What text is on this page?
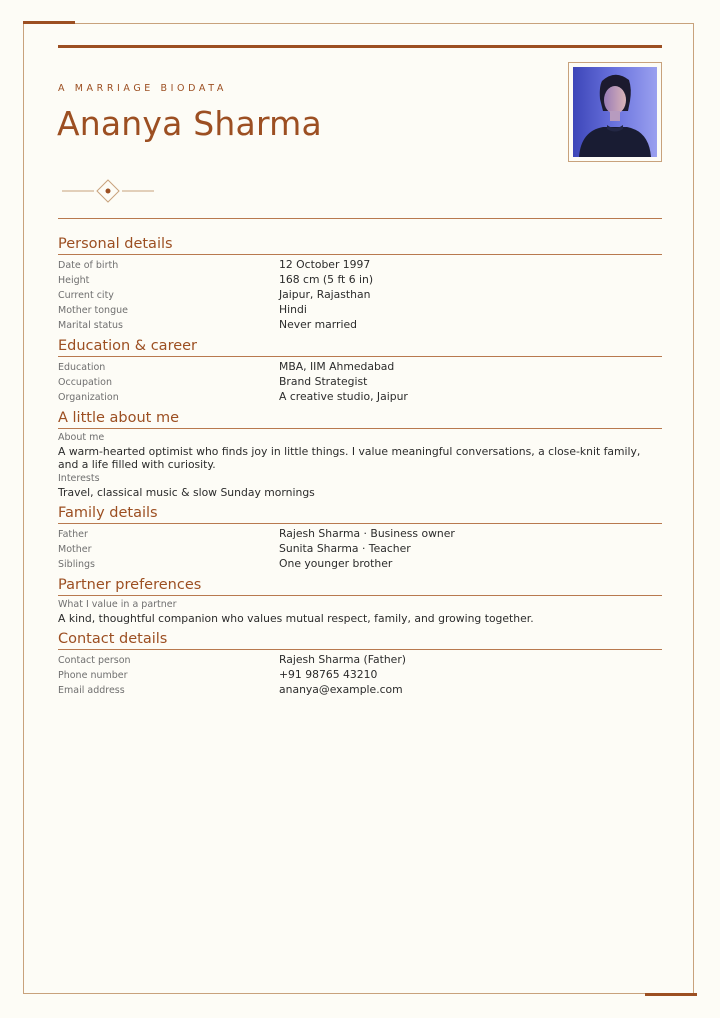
A MARRIAGE BIODATA
Ananya Sharma
Personal details
Date of birth	12 October 1997
Height	168 cm (5 ft 6 in)
Current city	Jaipur, Rajasthan
Mother tongue	Hindi
Marital status	Never married
Education & career
Education	MBA, IIM Ahmedabad
Occupation	Brand Strategist
Organization	A creative studio, Jaipur
A little about me
About me
A warm-hearted optimist who finds joy in little things. I value meaningful conversations, a close-knit family, and a life filled with curiosity.
Interests
Travel, classical music & slow Sunday mornings
Family details
Father	Rajesh Sharma · Business owner
Mother	Sunita Sharma · Teacher
Siblings	One younger brother
Partner preferences
What I value in a partner
A kind, thoughtful companion who values mutual respect, family, and growing together.
Contact details
Contact person	Rajesh Sharma (Father)
Phone number	+91 98765 43210
Email address	ananya@example.com
